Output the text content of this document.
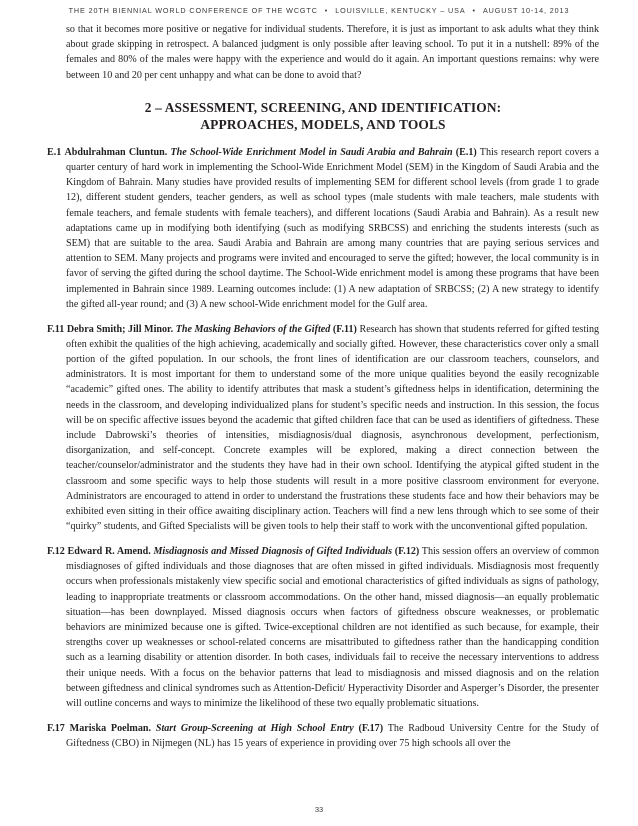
THE 20TH BIENNIAL WORLD CONFERENCE OF THE WCGTC • LOUISVILLE, KENTUCKY – USA • AUGUST 10-14, 2013

so that it becomes more positive or negative for individual students. Therefore, it is just as important to ask adults what they think about grade skipping in retrospect. A balanced judgment is only possible after leaving school. To put it in a nutshell: 89% of the females and 80% of the males were happy with the experience and would do it again. An important questions remains: why were between 10 and 20 per cent unhappy and what can be done to avoid that?

2 – ASSESSMENT, SCREENING, AND IDENTIFICATION:
APPROACHES, MODELS, AND TOOLS

E.1 Abdulrahman Cluntun. The School-Wide Enrichment Model in Saudi Arabia and Bahrain (E.1) This research report covers a quarter century of hard work in implementing the School-Wide Enrichment Model (SEM) in the Kingdom of Saudi Arabia and the Kingdom of Bahrain. Many studies have provided results of implementing SEM for different school levels (from grade 1 to grade 12), different student genders, teacher genders, as well as school types (male students with male teachers, male students with female teachers, and female students with female teachers), and different locations (Saudi Arabia and Bahrain). As a result new adaptations came up in modifying both identifying (such as modifying SRBCSS) and enriching the students interests (such as SEM) that are suitable to the area. Saudi Arabia and Bahrain are among many countries that are paying serious services and attention to SEM. Many projects and programs were invited and encouraged to serve the gifted; however, the local community is in favor of serving the gifted during the school daytime. The School-Wide enrichment model is among these programs that have been implemented in Bahrain since 1989. Learning outcomes include: (1) A new adaptation of SRBCSS; (2) A new strategy to identify the gifted all-year round; and (3) A new school-Wide enrichment model for the Gulf area.

F.11 Debra Smith; Jill Minor. The Masking Behaviors of the Gifted (F.11) Research has shown that students referred for gifted testing often exhibit the qualities of the high achieving, academically and socially gifted. However, these characteristics cover only a small portion of the gifted population. In our schools, the front lines of identification are our classroom teachers, counselors, and administrators. It is most important for them to understand some of the more unique qualities beyond the easily recognizable “academic” gifted ones. The ability to identify attributes that mask a student’s giftedness helps in identification, determining the needs in the classroom, and developing individualized plans for student’s specific needs and instruction. In this session, the focus will be on specific affective issues beyond the academic that gifted children face that can be used as identifiers of giftedness. These include Dabrowski’s theories of intensities, misdiagnosis/dual diagnosis, asynchronous development, perfectionism, disorganization, and self-concept. Concrete examples will be explored, making a direct connection between the teacher/counselor/administrator and the students they have had in their own school. Identifying the atypical gifted student in the classroom and some specific ways to help those students will result in a more positive classroom environment for everyone. Administrators are encouraged to attend in order to understand the frustrations these students face and how their behaviors may be exhibited even sitting in their office awaiting disciplinary action. Teachers will find a new lens through which to see some of their “quirky” students, and Gifted Specialists will be given tools to help their staff to work with the unconventional gifted population.

F.12 Edward R. Amend. Misdiagnosis and Missed Diagnosis of Gifted Individuals (F.12) This session offers an overview of common misdiagnoses of gifted individuals and those diagnoses that are often missed in gifted individuals. Misdiagnosis most frequently occurs when professionals mistakenly view specific social and emotional characteristics of gifted individuals as signs of pathology, leading to inappropriate treatments or classroom accommodations. On the other hand, missed diagnosis—an equally problematic situation—has been downplayed. Missed diagnosis occurs when factors of giftedness obscure weaknesses, or problematic behaviors are minimized because one is gifted. Twice-exceptional children are not identified as such because, for example, their strengths cover up weaknesses or school-related concerns are misattributed to giftedness rather than the handicapping condition such as a learning disability or attention disorder. In both cases, individuals fail to receive the necessary interventions to address their unique needs. With a focus on the behavior patterns that lead to misdiagnosis and missed diagnosis and on the relation between giftedness and clinical syndromes such as Attention-Deficit/ Hyperactivity Disorder and Asperger’s Disorder, the presenter will outline concerns and ways to minimize the likelihood of these two equally problematic situations.

F.17 Mariska Poelman. Start Group-Screening at High School Entry (F.17) The Radboud University Centre for the Study of Giftedness (CBO) in Nijmegen (NL) has 15 years of experience in providing over 75 high schools all over the

33
